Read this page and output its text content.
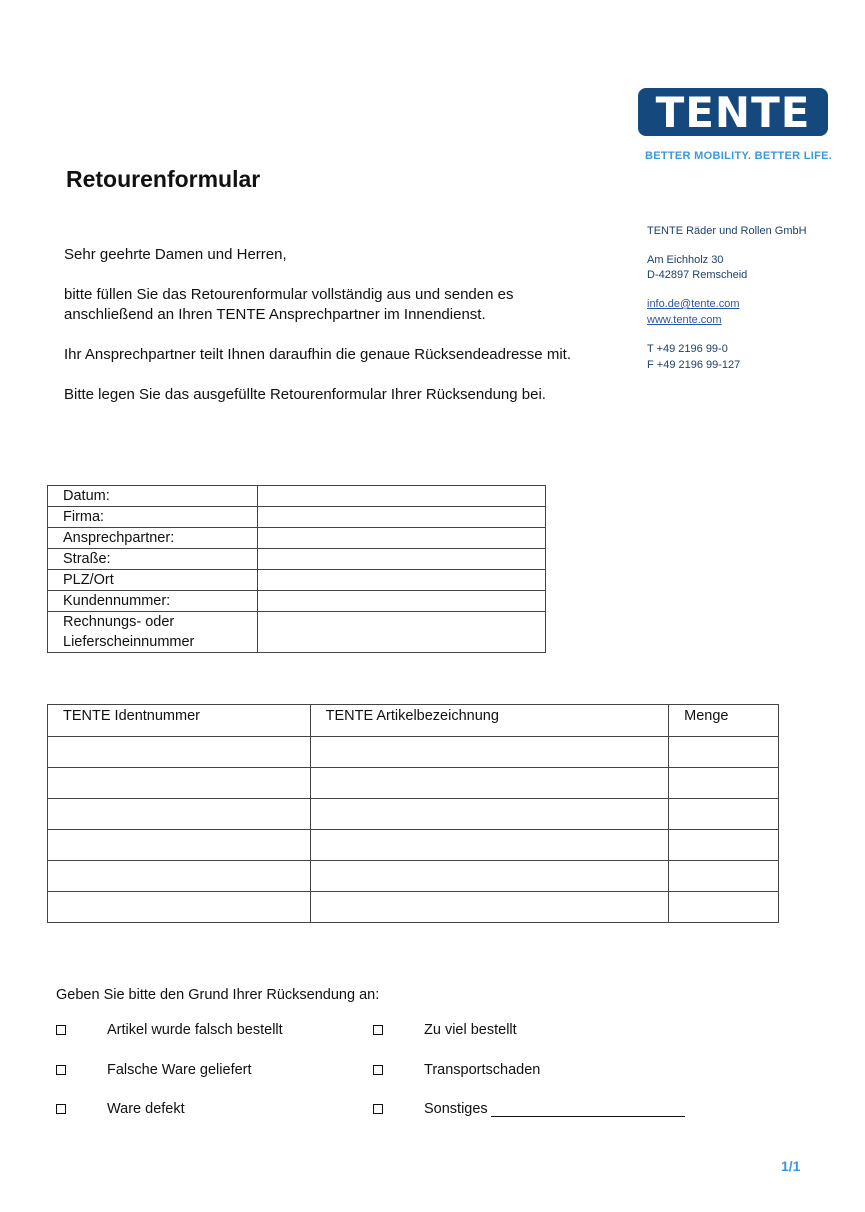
TENTE
BETTER MOBILITY. BETTER LIFE.
TENTE Räder und Rollen GmbH
Am Eichholz 30
D-42897 Remscheid
info.de@tente.com
www.tente.com
T +49 2196 99-0
F +49 2196 99-127
Retourenformular
Sehr geehrte Damen und Herren,
bitte füllen Sie das Retourenformular vollständig aus und senden es
anschließend an Ihren TENTE Ansprechpartner im Innendienst.
Ihr Ansprechpartner teilt Ihnen daraufhin die genaue Rücksendeadresse mit.
Bitte legen Sie das ausgefüllte Retourenformular Ihrer Rücksendung bei.
Datum:	
Firma:	
Ansprechpartner:	
Straße:	
PLZ/Ort	
Kundennummer:	

Rechnungs- oder
Lieferscheinnummer	

TENTE Identnummer	TENTE Artikelbezeichnung	Menge

Geben Sie bitte den Grund Ihrer Rücksendung an:
Artikel wurde falsch bestellt	Zu viel bestellt
Falsche Ware geliefert	Transportschaden
Ware defekt	Sonstiges
1/1
